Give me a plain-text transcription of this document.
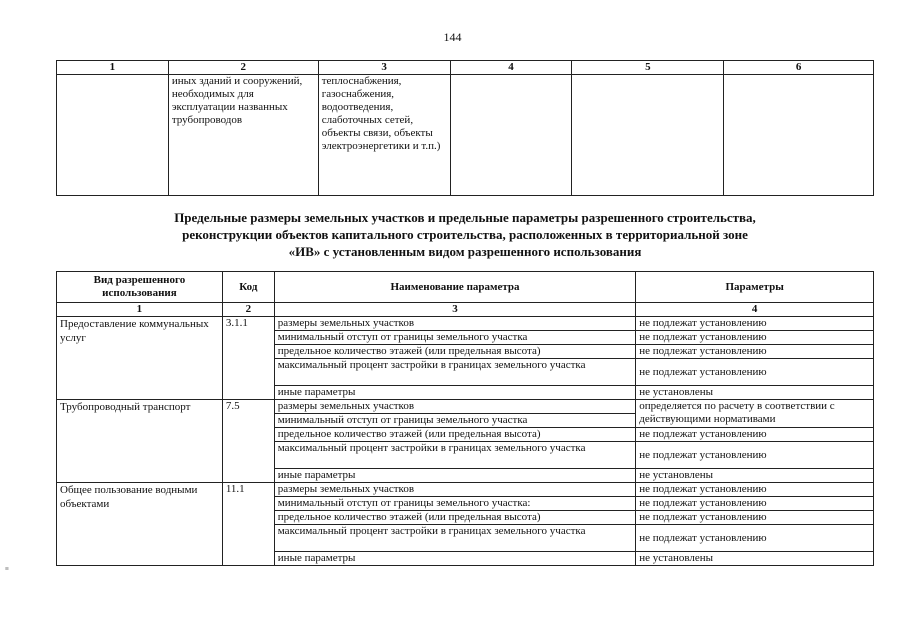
144
1	2	3	4	5	6
	иных зданий и сооружений, необходимых для эксплуатации названных трубопроводов	теплоснабжения, газоснабжения, водоотведения, слаботочных сетей, объекты связи, объекты электроэнергетики и т.п.)			
Предельные размеры земельных участков и предельные параметры разрешенного строительства,
реконструкции объектов капитального строительства, расположенных в территориальной зоне
«ИВ» с установленным видом разрешенного использования
Вид разрешенного использования	Код	Наименование параметра	Параметры
1	2	3	4
Предоставление коммунальных услуг	3.1.1	размеры земельных участков	не подлежат установлению
		минимальный отступ от границы земельного участка	не подлежат установлению
		предельное количество этажей (или предельная высота)	не подлежат установлению
		максимальный процент застройки в границах земельного участка	не подлежат установлению
		иные параметры	не установлены
Трубопроводный транспорт	7.5	размеры земельных участков	определяется по расчету в соответствии с действующими нормативами
		минимальный отступ от границы земельного участка	
		предельное количество этажей (или предельная высота)	не подлежат установлению
		максимальный процент застройки в границах земельного участка	не подлежат установлению
		иные параметры	не установлены
Общее пользование водными объектами	11.1	размеры земельных участков	не подлежат установлению
		минимальный отступ от границы земельного участка:	не подлежат установлению
		предельное количество этажей (или предельная высота)	не подлежат установлению
		максимальный процент застройки в границах земельного участка	не подлежат установлению
		иные параметры	не установлены
≡
